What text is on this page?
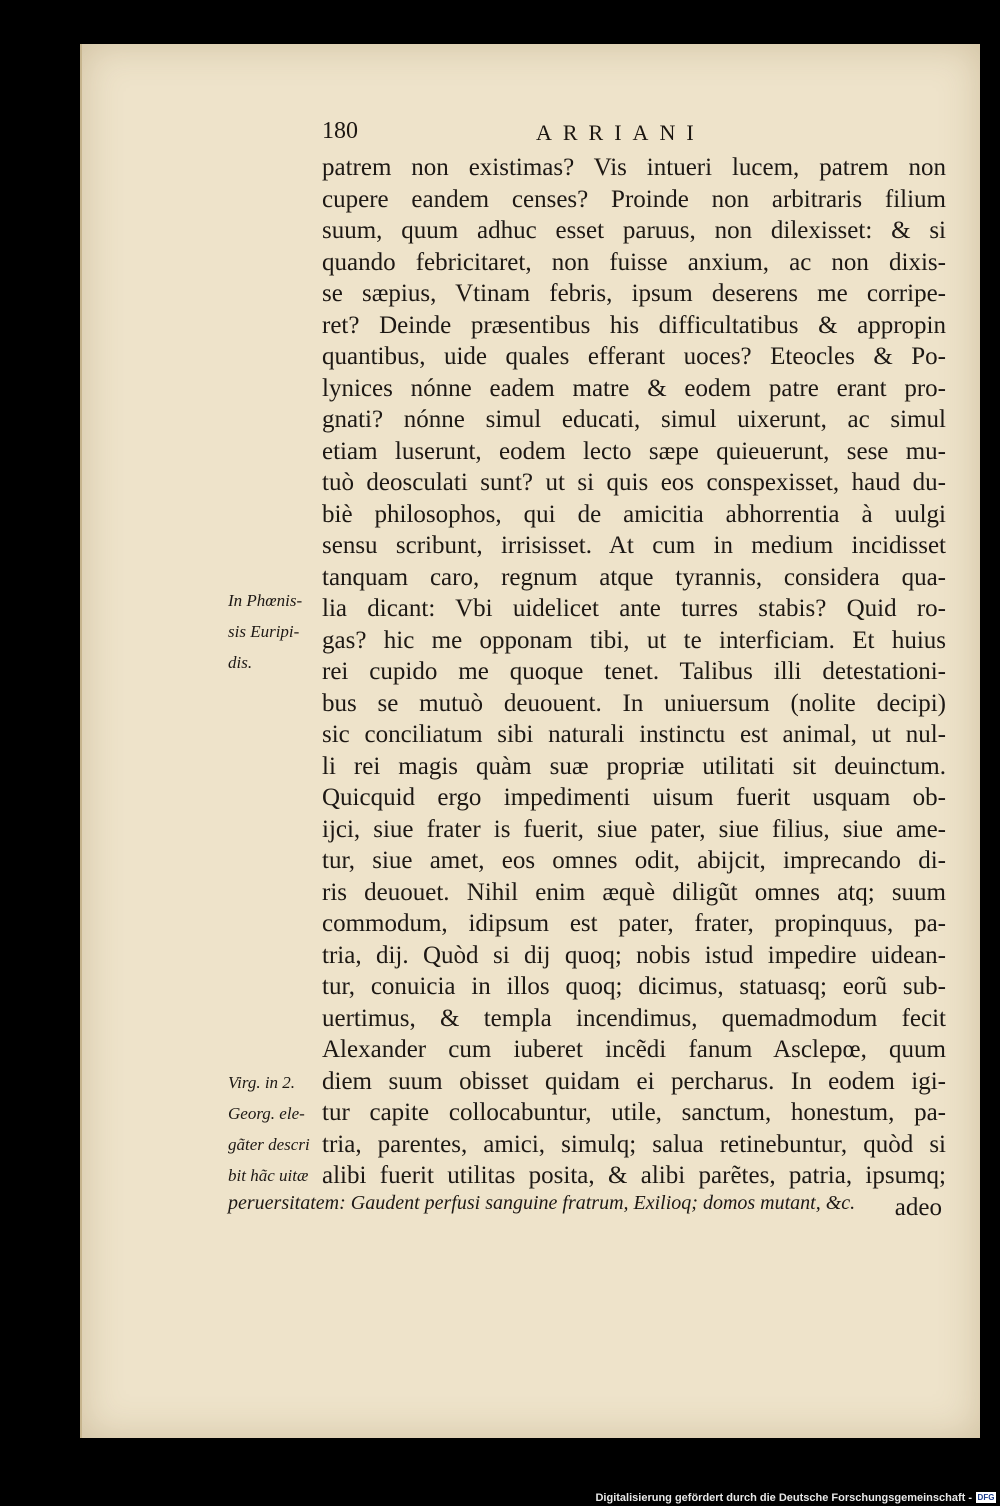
180	ARRIANI
In Phœnis-
sis Euripi-
dis.
Virg. in 2.
Georg. ele-
gãter descri
bit hãc uitæ
patrem non existimas? Vis intueri lucem, patrem non
cupere eandem censes? Proinde non arbitraris filium
suum, quum adhuc esset paruus, non dilexisset: & si
quando febricitaret, non fuisse anxium, ac non dixis-
se sæpius, Vtinam febris, ipsum deserens me corripe-
ret? Deinde præsentibus his difficultatibus & appropin
quantibus, uide quales efferant uoces? Eteocles & Po-
lynices nónne eadem matre & eodem patre erant pro-
gnati? nónne simul educati, simul uixerunt, ac simul
etiam luserunt, eodem lecto sæpe quieuerunt, sese mu-
tuò deosculati sunt? ut si quis eos conspexisset, haud du-
biè philosophos, qui de amicitia abhorrentia à uulgi
sensu scribunt, irrisisset. At cum in medium incidisset
tanquam caro, regnum atque tyrannis, considera qua-
lia dicant: Vbi uidelicet ante turres stabis? Quid ro-
gas? hic me opponam tibi, ut te interficiam. Et huius
rei cupido me quoque tenet. Talibus illi detestationi-
bus se mutuò deuouent. In uniuersum (nolite decipi)
sic conciliatum sibi naturali instinctu est animal, ut nul-
li rei magis quàm suæ propriæ utilitati sit deuinctum.
Quicquid ergo impedimenti uisum fuerit usquam ob-
ijci, siue frater is fuerit, siue pater, siue filius, siue ame-
tur, siue amet, eos omnes odit, abijcit, imprecando di-
ris deuouet. Nihil enim æquè diligũt omnes atq; suum
commodum, idipsum est pater, frater, propinquus, pa-
tria, dij. Quòd si dij quoq; nobis istud impedire uidean-
tur, conuicia in illos quoq; dicimus, statuasq; eorũ sub-
uertimus, & templa incendimus, quemadmodum fecit
Alexander cum iuberet incẽdi fanum Asclepœ, quum
diem suum obisset quidam ei percharus. In eodem igi-
tur capite collocabuntur, utile, sanctum, honestum, pa-
tria, parentes, amici, simulq; salua retinebuntur, quòd si
alibi fuerit utilitas posita, & alibi parẽtes, patria, ipsumq;
adeo
peruersitatem: Gaudent perfusi sanguine fratrum, Exilioq; domos mutant, &c.
Digitalisierung gefördert durch die Deutsche Forschungsgemeinschaft - DFG
